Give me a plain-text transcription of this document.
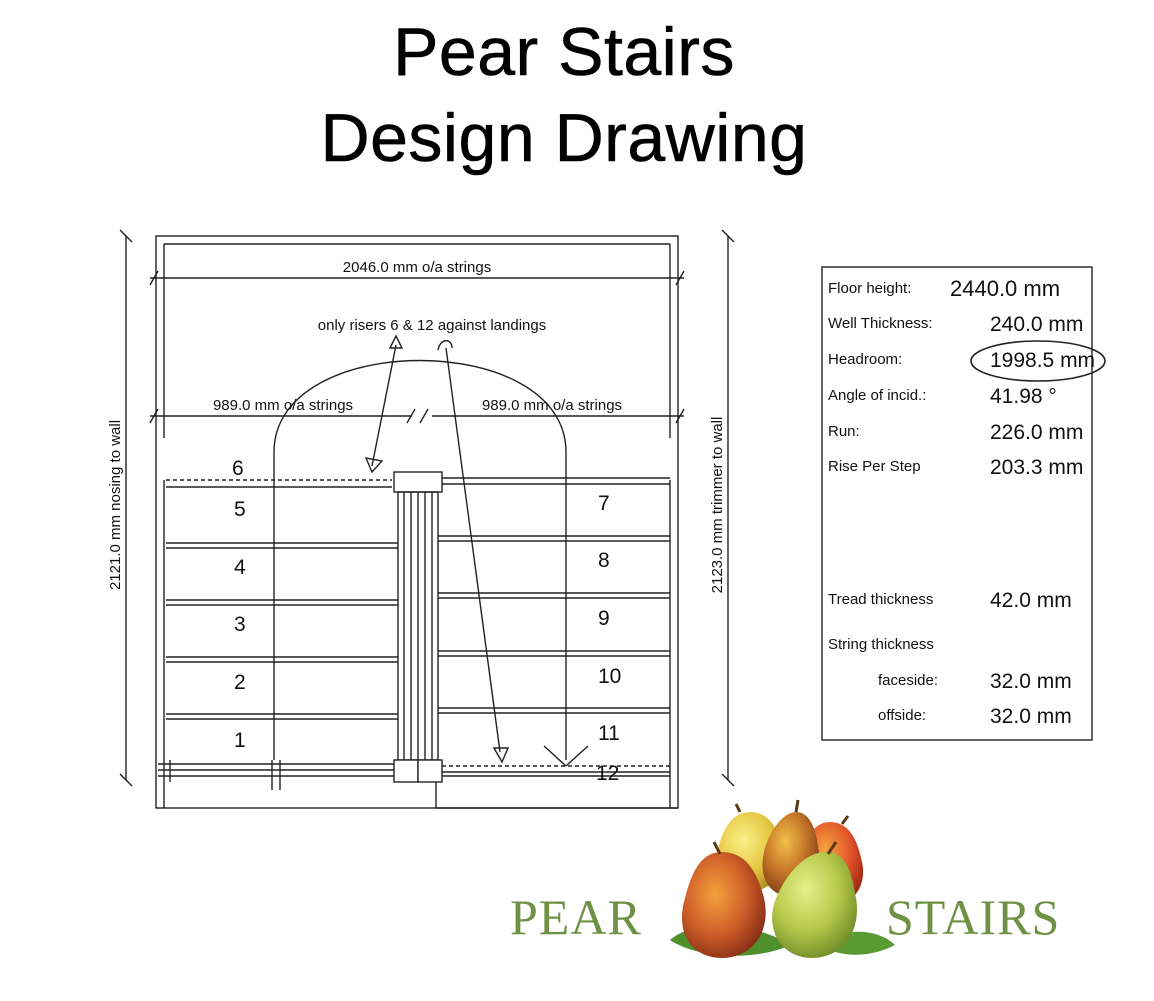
Pear Stairs
Design Drawing
2046.0 mm o/a strings
only risers 6 & 12 against landings
989.0 mm o/a strings	989.0 mm o/a strings
2121.0 mm nosing to wall	2123.0 mm trimmer to wall
6
5
4
3
2
1
7
8
9
10
11
12
Floor height: 2440.0 mm
Well Thickness:	240.0 mm
Headroom:	1998.5 mm
Angle of incid.:	41.98 °
Run:	226.0 mm
Rise Per Step	203.3 mm
Tread thickness	42.0 mm
String thickness
faceside: 32.0 mm
offside:	32.0 mm
PEAR	STAIRS
